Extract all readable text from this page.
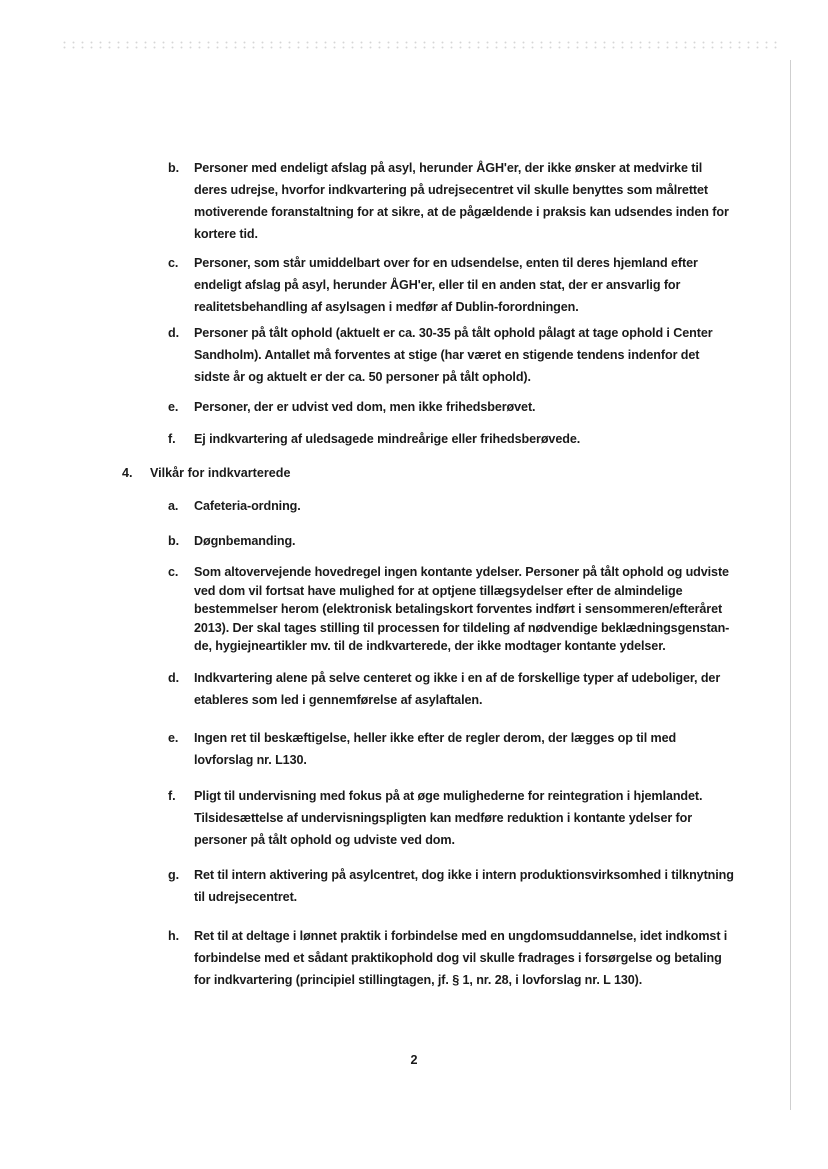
b. Personer med endeligt afslag på asyl, herunder ÅGH'er, der ikke ønsker at medvirke til

deres udrejse, hvorfor indkvartering på udrejsecentret vil skulle benyttes som målrettet

motiverende foranstaltning for at sikre, at de pågældende i praksis kan udsendes inden for

kortere tid.

c. Personer, som står umiddelbart over for en udsendelse, enten til deres hjemland efter

endeligt afslag på asyl, herunder ÅGH'er, eller til en anden stat, der er ansvarlig for

realitetsbehandling af asylsagen i medfør af Dublin-forordningen.

d. Personer på tålt ophold (aktuelt er ca. 30-35 på tålt ophold pålagt at tage ophold i Center

Sandholm). Antallet må forventes at stige (har været en stigende tendens indenfor det

sidste år og aktuelt er der ca. 50 personer på tålt ophold).

e. Personer, der er udvist ved dom, men ikke frihedsberøvet.

f. Ej indkvartering af uledsagede mindreårige eller frihedsberøvede.

4. Vilkår for indkvarterede
a. Cafeteria-ordning.

b. Døgnbemanding.

c. Som altovervejende hovedregel ingen kontante ydelser. Personer på tålt ophold og udviste

ved dom vil fortsat have mulighed for at optjene tillægsydelser efter de almindelige

bestemmelser herom (elektronisk betalingskort forventes indført i sensommeren/efteråret

2013). Der skal tages stilling til processen for tildeling af nødvendige beklædningsgenstan-

de, hygiejneartikler mv. til de indkvarterede, der ikke modtager kontante ydelser.

d. Indkvartering alene på selve centeret og ikke i en af de forskellige typer af udeboliger, der

etableres som led i gennemførelse af asylaftalen.

e. Ingen ret til beskæftigelse, heller ikke efter de regler derom, der lægges op til med

lovforslag nr. L130.

f. Pligt til undervisning med fokus på at øge mulighederne for reintegration i hjemlandet.

Tilsidesættelse af undervisningspligten kan medføre reduktion i kontante ydelser for

personer på tålt ophold og udviste ved dom.

g. Ret til intern aktivering på asylcentret, dog ikke i intern produktionsvirksomhed i tilknytning

til udrejsecentret.

h. Ret til at deltage i lønnet praktik i forbindelse med en ungdomsuddannelse, idet indkomst i

forbindelse med et sådant praktikophold dog vil skulle fradrages i forsørgelse og betaling

for indkvartering (principiel stillingtagen, jf. § 1, nr. 28, i lovforslag nr. L 130).

2
